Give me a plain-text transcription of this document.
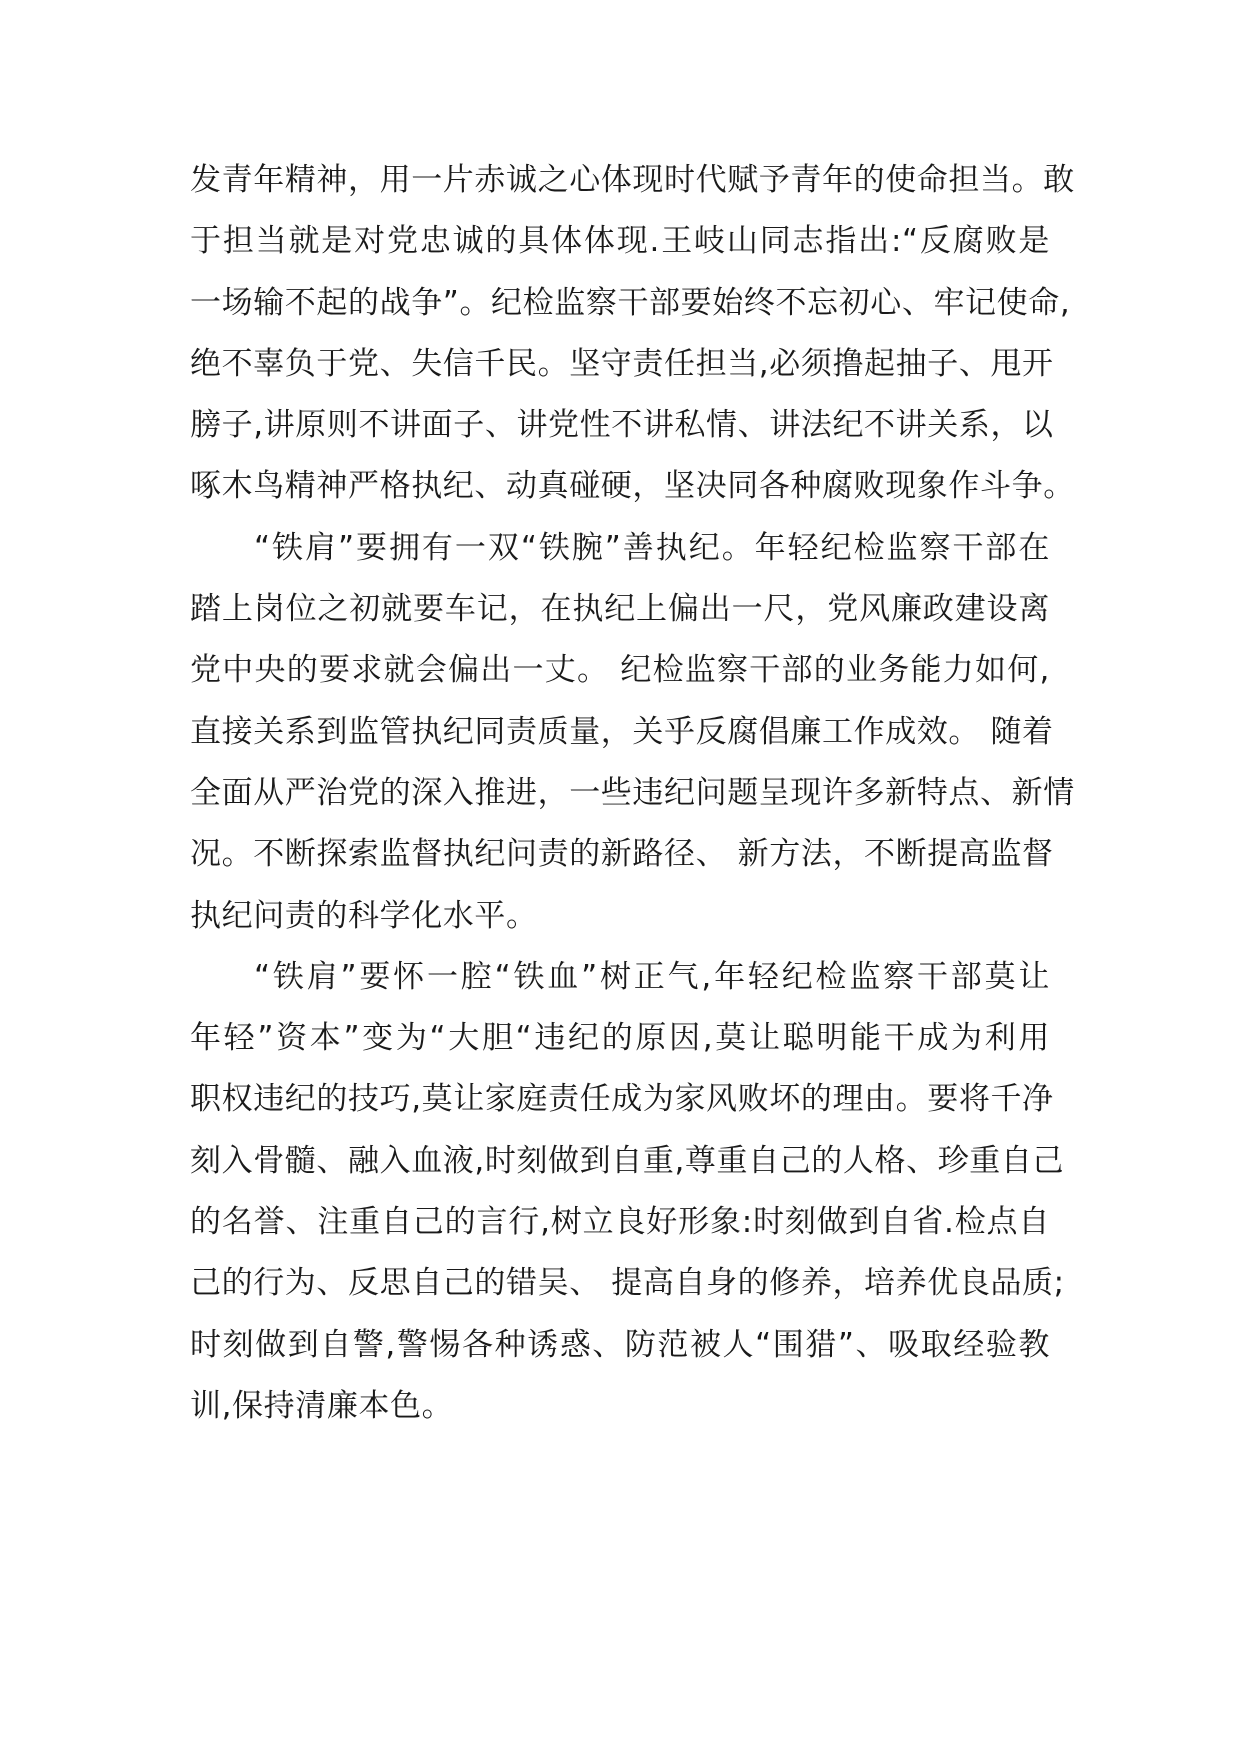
发青年精神，用一片赤诚之心体现时代赋予青年的使命担当。敢
于担当就是对党忠诚的具体体现.王岐山同志指出:“反腐败是
一场输不起的战争”。纪检监察干部要始终不忘初心、牢记使命,
绝不辜负于党、失信千民。坚守责任担当,必须撸起抽子、甩开
膀子,讲原则不讲面子、讲党性不讲私情、讲法纪不讲关系，以
啄木鸟精神严格执纪、动真碰硬，坚决同各种腐败现象作斗争。
“铁肩”要拥有一双“铁腕”善执纪。年轻纪检监察干部在
踏上岗位之初就要车记，在执纪上偏出一尺，党风廉政建设离
党中央的要求就会偏出一丈。 纪检监察干部的业务能力如何,
直接关系到监管执纪同责质量，关乎反腐倡廉工作成效。 随着
全面从严治党的深入推进，一些违纪问题呈现许多新特点、新情
况。不断探索监督执纪问责的新路径、 新方法，不断提高监督
执纪问责的科学化水平。
“铁肩”要怀一腔“铁血”树正气,年轻纪检监察干部莫让
年轻”资本”变为“大胆“违纪的原因,莫让聪明能干成为利用
职权违纪的技巧,莫让家庭责任成为家风败坏的理由。要将千净
刻入骨髓、融入血液,时刻做到自重,尊重自己的人格、珍重自己
的名誉、注重自己的言行,树立良好形象:时刻做到自省.检点自
己的行为、反思自己的错吴、 提高自身的修养，培养优良品质;
时刻做到自警,警惕各种诱惑、防范被人“围猎”、吸取经验教
训,保持清廉本色。
